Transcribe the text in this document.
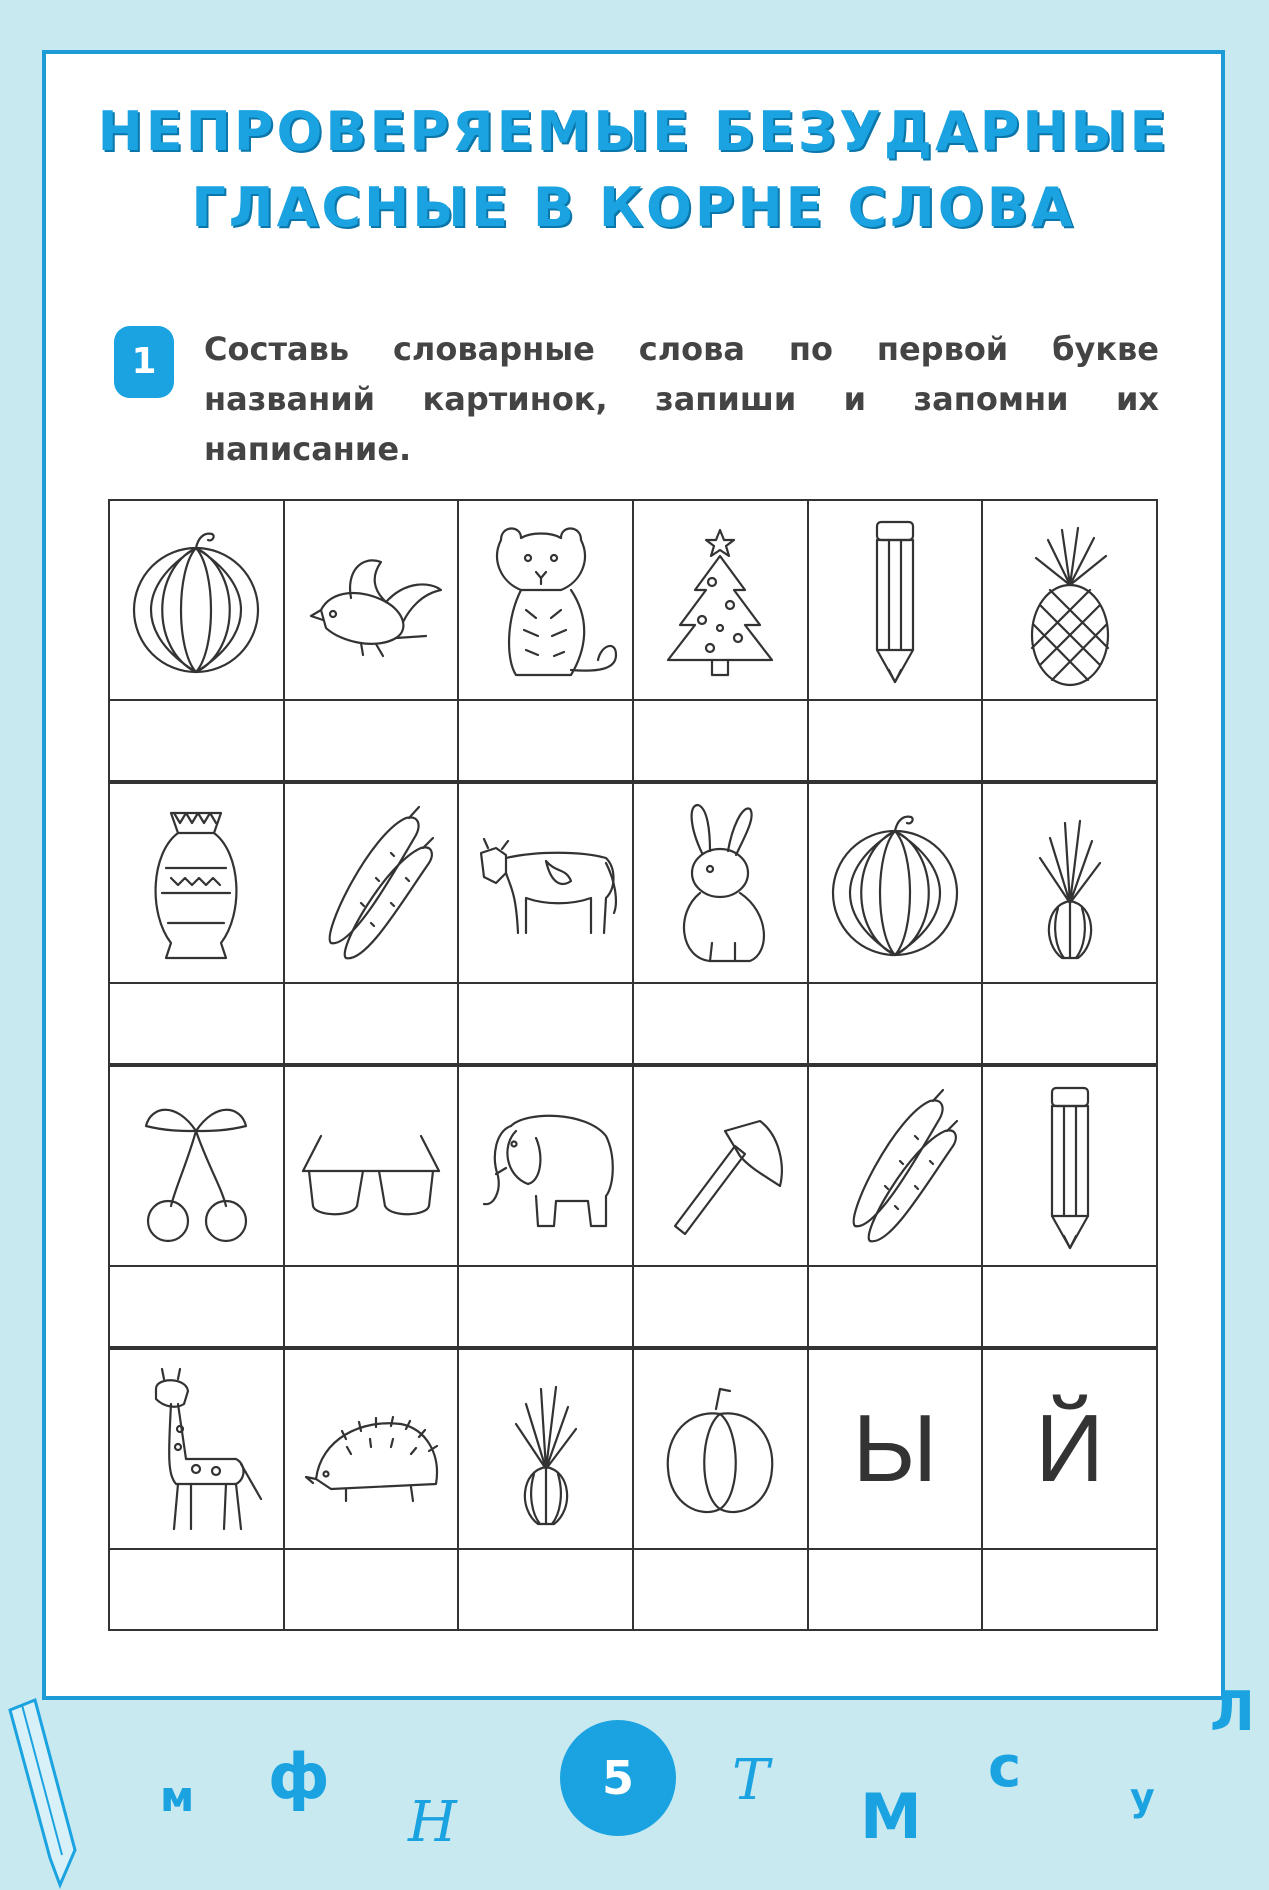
НЕПРОВЕРЯЕМЫЕ БЕЗУДАРНЫЕ
ГЛАСНЫЕ В КОРНЕ СЛОВА
1	Составь словарные слова по первой букве названий картинок, запиши и запомни их написание.

	Ы	Й

м ф
Н
5	Т М
с	у
Л
